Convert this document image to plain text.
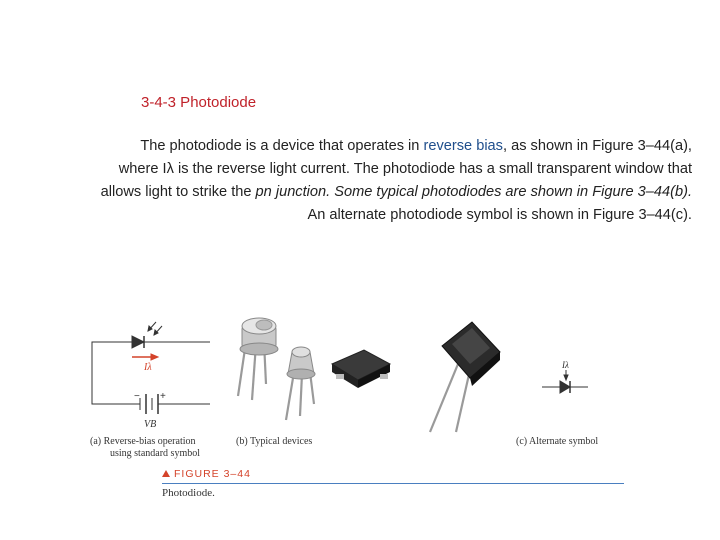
3-4-3 Photodiode
The photodiode is a device that operates in reverse bias, as shown in Figure 3–44(a),
where Iλ is the reverse light current. The photodiode has a small transparent window that
allows light to strike the pn junction. Some typical photodiodes are shown in Figure 3–44(b).
An alternate photodiode symbol is shown in Figure 3–44(c).
Iλ
− +
VB
Iλ
(a) Reverse-bias operation
using standard symbol
(b) Typical devices	(c) Alternate symbol
FIGURE 3–44
Photodiode.
